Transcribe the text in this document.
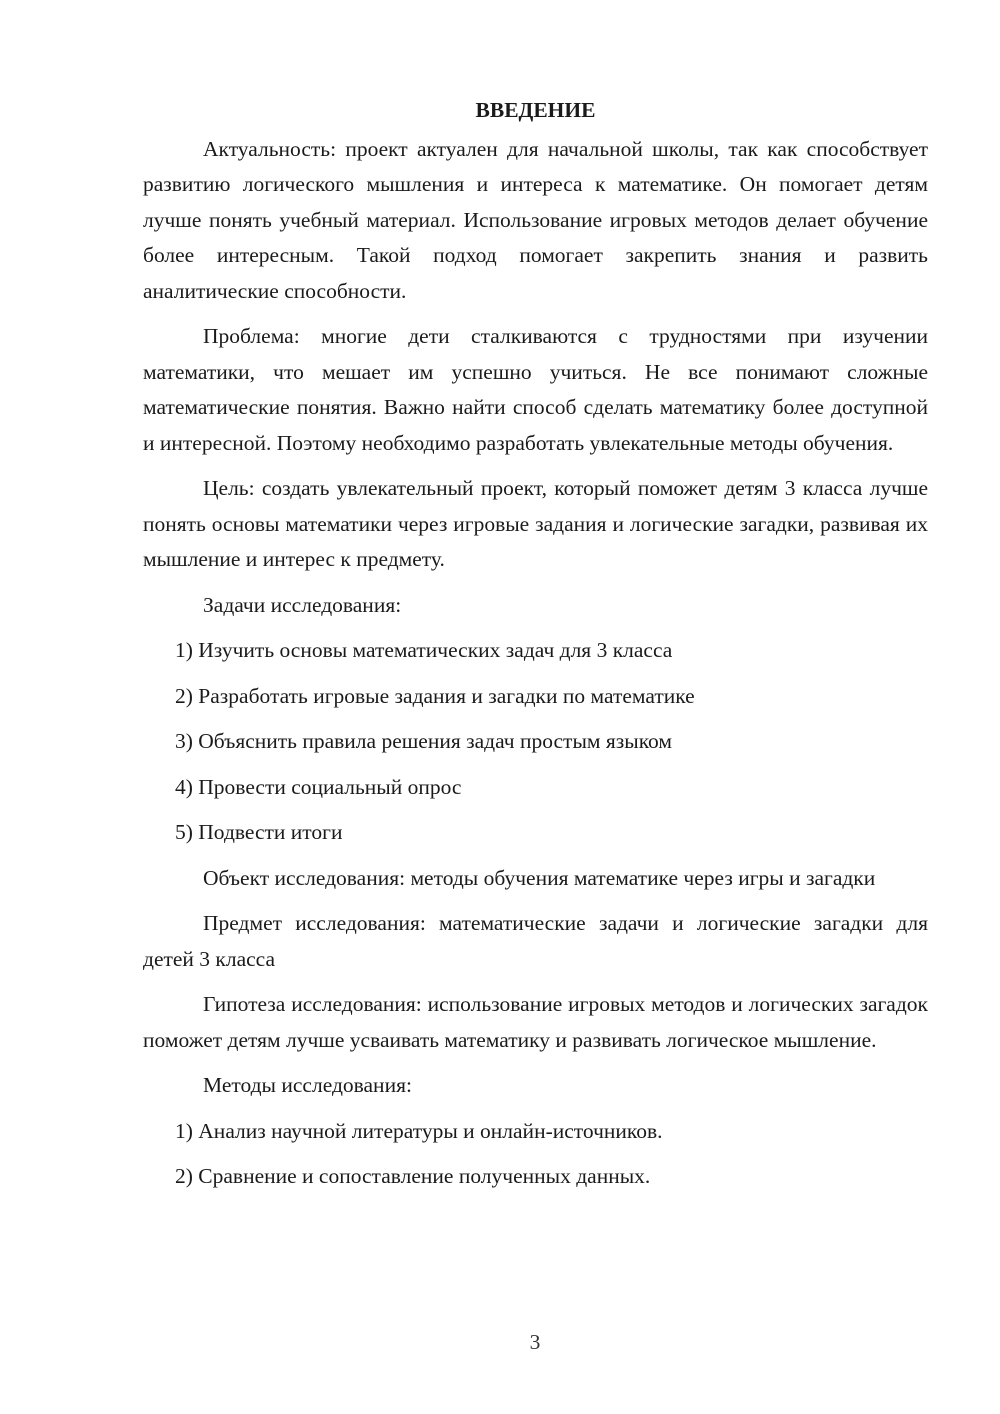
ВВЕДЕНИЕ

Актуальность: проект актуален для начальной школы, так как способствует развитию логического мышления и интереса к математике. Он помогает детям лучше понять учебный материал. Использование игровых методов делает обучение более интересным. Такой подход помогает закрепить знания и развить аналитические способности.

Проблема: многие дети сталкиваются с трудностями при изучении математики, что мешает им успешно учиться. Не все понимают сложные математические понятия. Важно найти способ сделать математику более доступной и интересной. Поэтому необходимо разработать увлекательные методы обучения.

Цель: создать увлекательный проект, который поможет детям 3 класса лучше понять основы математики через игровые задания и логические загадки, развивая их мышление и интерес к предмету.

Задачи исследования:

1) Изучить основы математических задач для 3 класса
2) Разработать игровые задания и загадки по математике
3) Объяснить правила решения задач простым языком
4) Провести социальный опрос
5) Подвести итоги

Объект исследования: методы обучения математике через игры и загадки

Предмет исследования: математические задачи и логические загадки для детей 3 класса

Гипотеза исследования: использование игровых методов и логических загадок поможет детям лучше усваивать математику и развивать логическое мышление.

Методы исследования:

1) Анализ научной литературы и онлайн-источников.
2) Сравнение и сопоставление полученных данных.
3
